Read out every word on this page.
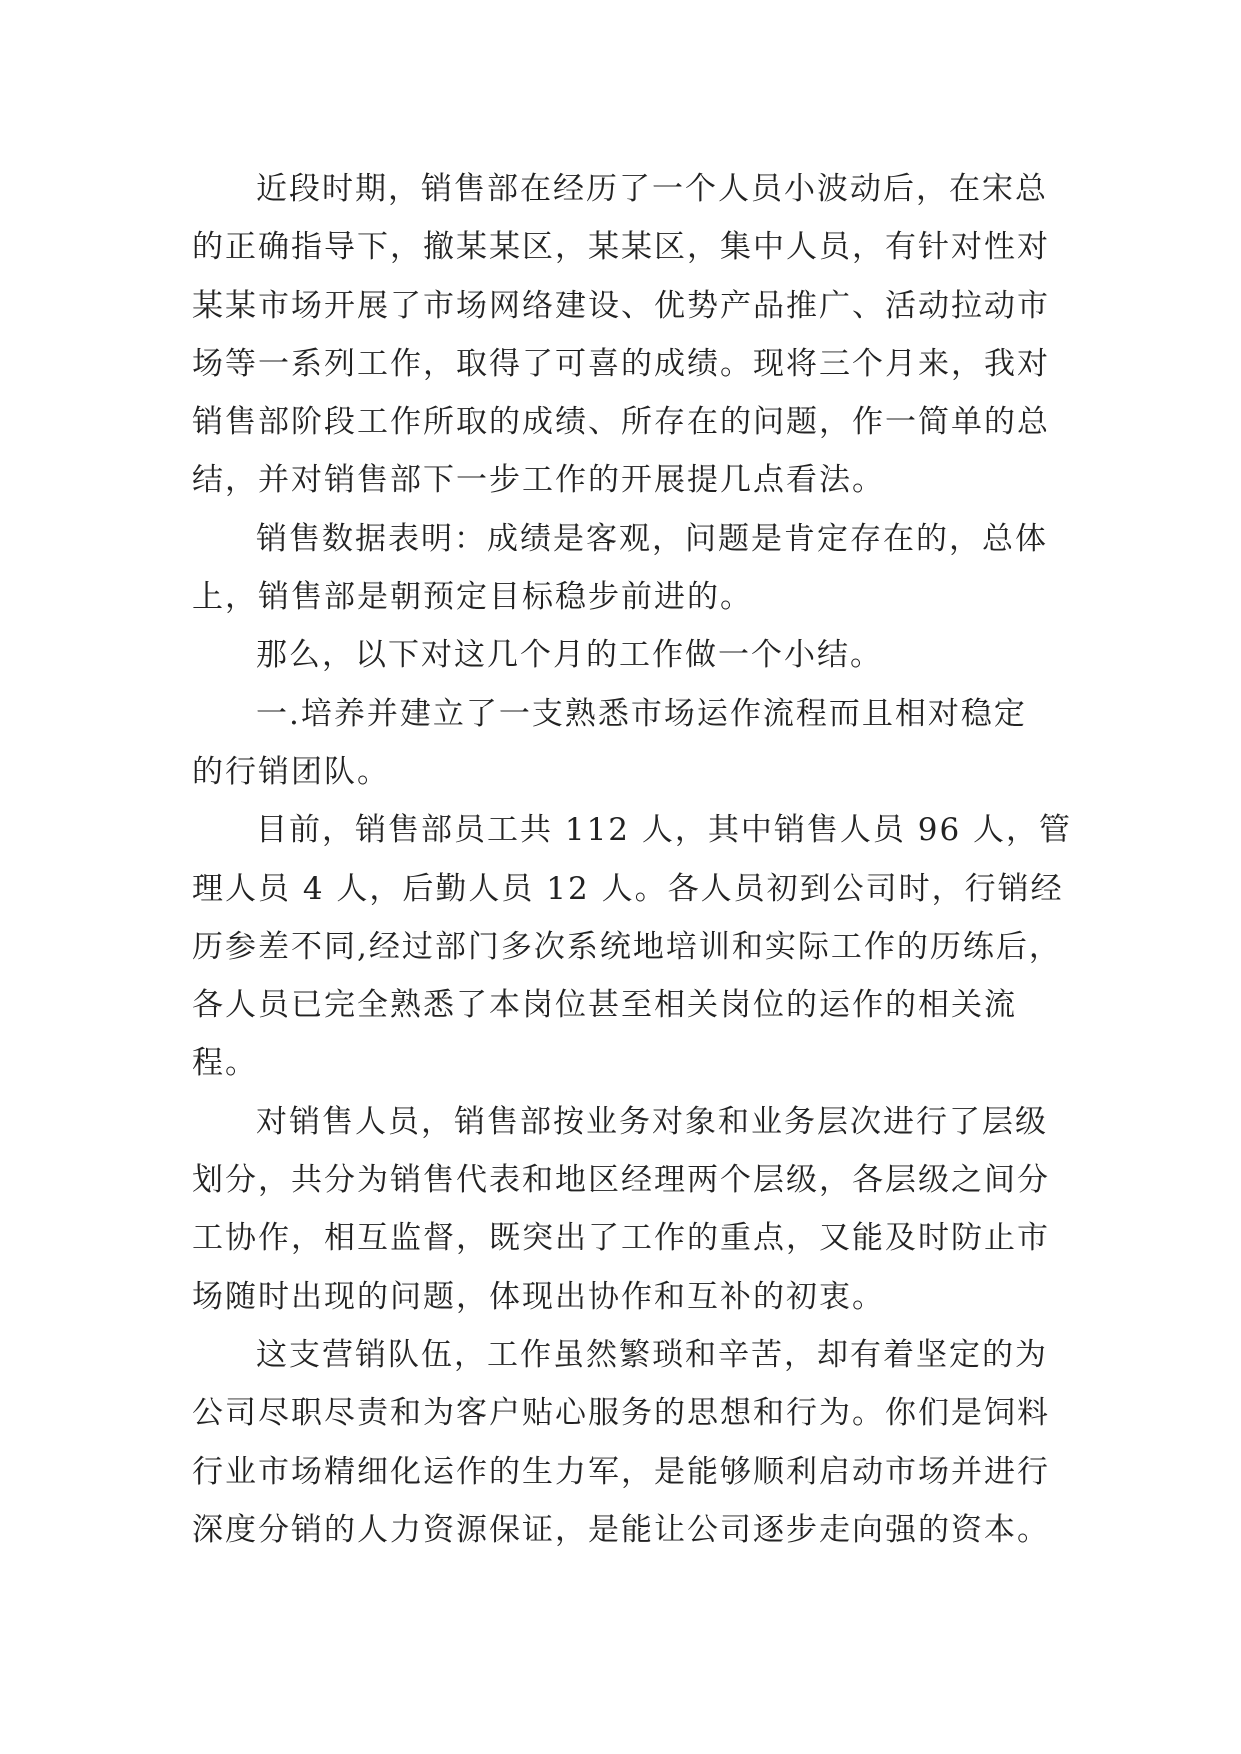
近段时期，销售部在经历了一个人员小波动后，在宋总
的正确指导下，撤某某区，某某区，集中人员，有针对性对
某某市场开展了市场网络建设、优势产品推广、活动拉动市
场等一系列工作，取得了可喜的成绩。现将三个月来，我对
销售部阶段工作所取的成绩、所存在的问题，作一简单的总
结，并对销售部下一步工作的开展提几点看法。
销售数据表明：成绩是客观，问题是肯定存在的，总体
上，销售部是朝预定目标稳步前进的。
那么，以下对这几个月的工作做一个小结。
一.培养并建立了一支熟悉市场运作流程而且相对稳定
的行销团队。
目前，销售部员工共 112 人，其中销售人员 96 人，管
理人员 4 人，后勤人员 12 人。各人员初到公司时，行销经
历参差不同,经过部门多次系统地培训和实际工作的历练后，
各人员已完全熟悉了本岗位甚至相关岗位的运作的相关流
程。
对销售人员，销售部按业务对象和业务层次进行了层级
划分，共分为销售代表和地区经理两个层级，各层级之间分
工协作，相互监督，既突出了工作的重点，又能及时防止市
场随时出现的问题，体现出协作和互补的初衷。
这支营销队伍，工作虽然繁琐和辛苦，却有着坚定的为
公司尽职尽责和为客户贴心服务的思想和行为。你们是饲料
行业市场精细化运作的生力军，是能够顺利启动市场并进行
深度分销的人力资源保证，是能让公司逐步走向强的资本。
